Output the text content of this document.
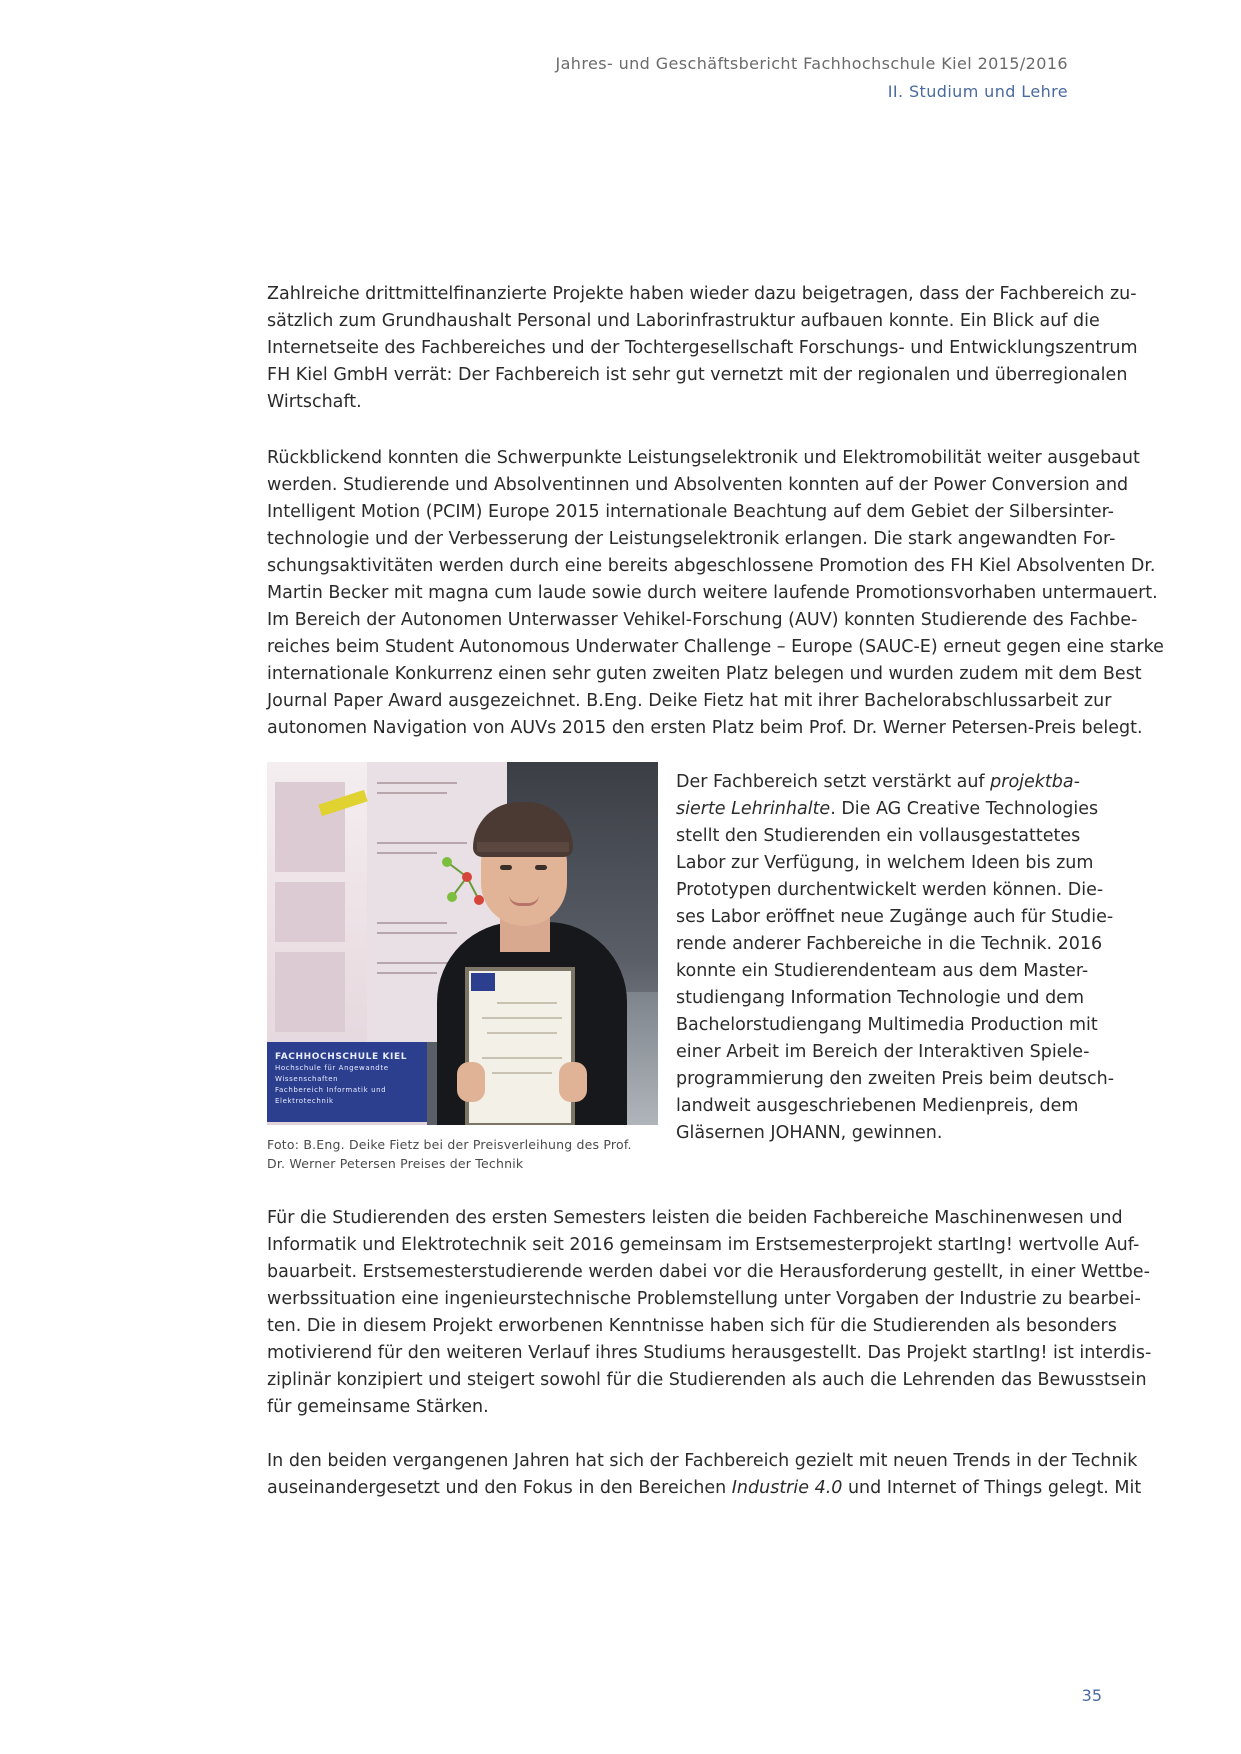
Jahres- und Geschäftsbericht Fachhochschule Kiel 2015/2016
II. Studium und Lehre
Zahlreiche drittmittelfinanzierte Projekte haben wieder dazu beigetragen, dass der Fachbereich zu-
sätzlich zum Grundhaushalt Personal und Laborinfrastruktur aufbauen konnte. Ein Blick auf die
Internetseite des Fachbereiches und der Tochtergesellschaft Forschungs- und Entwicklungszentrum
FH Kiel GmbH verrät: Der Fachbereich ist sehr gut vernetzt mit der regionalen und überregionalen
Wirtschaft.
Rückblickend konnten die Schwerpunkte Leistungselektronik und Elektromobilität weiter ausgebaut
werden. Studierende und Absolventinnen und Absolventen konnten auf der Power Conversion and
Intelligent Motion (PCIM) Europe 2015 internationale Beachtung auf dem Gebiet der Silbersinter-
technologie und der Verbesserung der Leistungselektronik erlangen. Die stark angewandten For-
schungsaktivitäten werden durch eine bereits abgeschlossene Promotion des FH Kiel Absolventen Dr.
Martin Becker mit magna cum laude sowie durch weitere laufende Promotionsvorhaben untermauert.
Im Bereich der Autonomen Unterwasser Vehikel-Forschung (AUV) konnten Studierende des Fachbe-
reiches beim Student Autonomous Underwater Challenge – Europe (SAUC-E) erneut gegen eine starke
internationale Konkurrenz einen sehr guten zweiten Platz belegen und wurden zudem mit dem Best
Journal Paper Award ausgezeichnet. B.Eng. Deike Fietz hat mit ihrer Bachelorabschlussarbeit zur
autonomen Navigation von AUVs 2015 den ersten Platz beim Prof. Dr. Werner Petersen-Preis belegt.
FACHHOCHSCHULE KIEL
Hochschule für Angewandte Wissenschaften
Fachbereich Informatik und Elektrotechnik
Foto: B.Eng. Deike Fietz bei der Preisverleihung des Prof.
Dr. Werner Petersen Preises der Technik
Der Fachbereich setzt verstärkt auf projektba-
sierte Lehrinhalte. Die AG Creative Technologies
stellt den Studierenden ein vollausgestattetes
Labor zur Verfügung, in welchem Ideen bis zum
Prototypen durchentwickelt werden können. Die-
ses Labor eröffnet neue Zugänge auch für Studie-
rende anderer Fachbereiche in die Technik. 2016
konnte ein Studierendenteam aus dem Master-
studiengang Information Technologie und dem
Bachelorstudiengang Multimedia Production mit
einer Arbeit im Bereich der Interaktiven Spiele-
programmierung den zweiten Preis beim deutsch-
landweit ausgeschriebenen Medienpreis, dem
Gläsernen JOHANN, gewinnen.
Für die Studierenden des ersten Semesters leisten die beiden Fachbereiche Maschinenwesen und
Informatik und Elektrotechnik seit 2016 gemeinsam im Erstsemesterprojekt startIng! wertvolle Auf-
bauarbeit. Erstsemesterstudierende werden dabei vor die Herausforderung gestellt, in einer Wettbe-
werbssituation eine ingenieurstechnische Problemstellung unter Vorgaben der Industrie zu bearbei-
ten. Die in diesem Projekt erworbenen Kenntnisse haben sich für die Studierenden als besonders
motivierend für den weiteren Verlauf ihres Studiums herausgestellt. Das Projekt startIng! ist interdis-
ziplinär konzipiert und steigert sowohl für die Studierenden als auch die Lehrenden das Bewusstsein
für gemeinsame Stärken.
In den beiden vergangenen Jahren hat sich der Fachbereich gezielt mit neuen Trends in der Technik
auseinandergesetzt und den Fokus in den Bereichen Industrie 4.0 und Internet of Things gelegt. Mit
35
